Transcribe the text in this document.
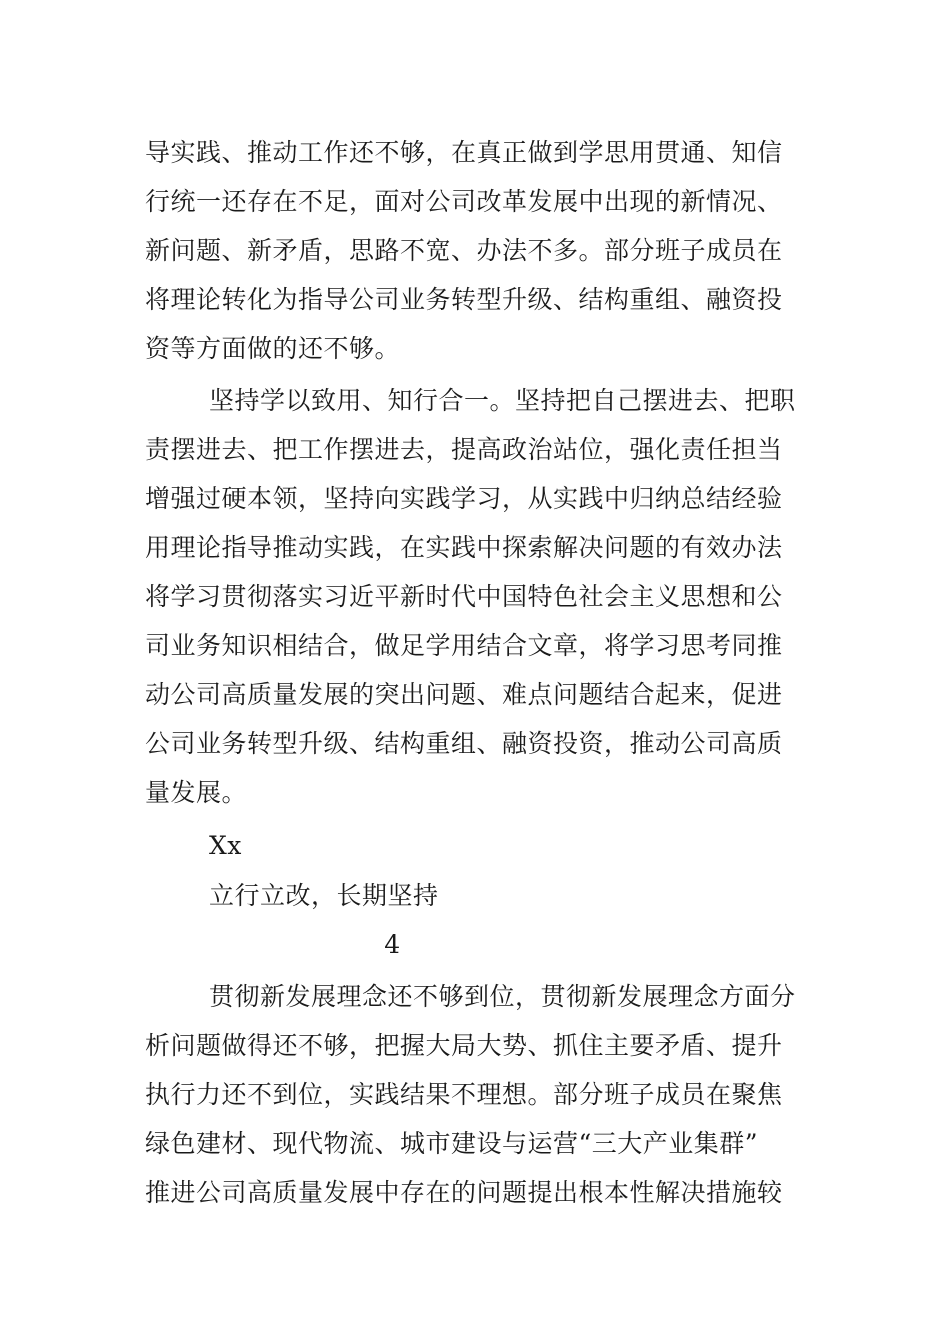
导实践、推动工作还不够，在真正做到学思用贯通、知信
行统一还存在不足，面对公司改革发展中出现的新情况、
新问题、新矛盾，思路不宽、办法不多。部分班子成员在
将理论转化为指导公司业务转型升级、结构重组、融资投
资等方面做的还不够。
坚持学以致用、知行合一。坚持把自己摆进去、把职
责摆进去、把工作摆进去，提高政治站位，强化责任担当
增强过硬本领，坚持向实践学习，从实践中归纳总结经验
用理论指导推动实践，在实践中探索解决问题的有效办法
将学习贯彻落实习近平新时代中国特色社会主义思想和公
司业务知识相结合，做足学用结合文章，将学习思考同推
动公司高质量发展的突出问题、难点问题结合起来，促进
公司业务转型升级、结构重组、融资投资，推动公司高质
量发展。
Xx
立行立改，长期坚持
4
贯彻新发展理念还不够到位，贯彻新发展理念方面分
析问题做得还不够，把握大局大势、抓住主要矛盾、提升
执行力还不到位，实践结果不理想。部分班子成员在聚焦
绿色建材、现代物流、城市建设与运营“三大产业集群”
推进公司高质量发展中存在的问题提出根本性解决措施较
